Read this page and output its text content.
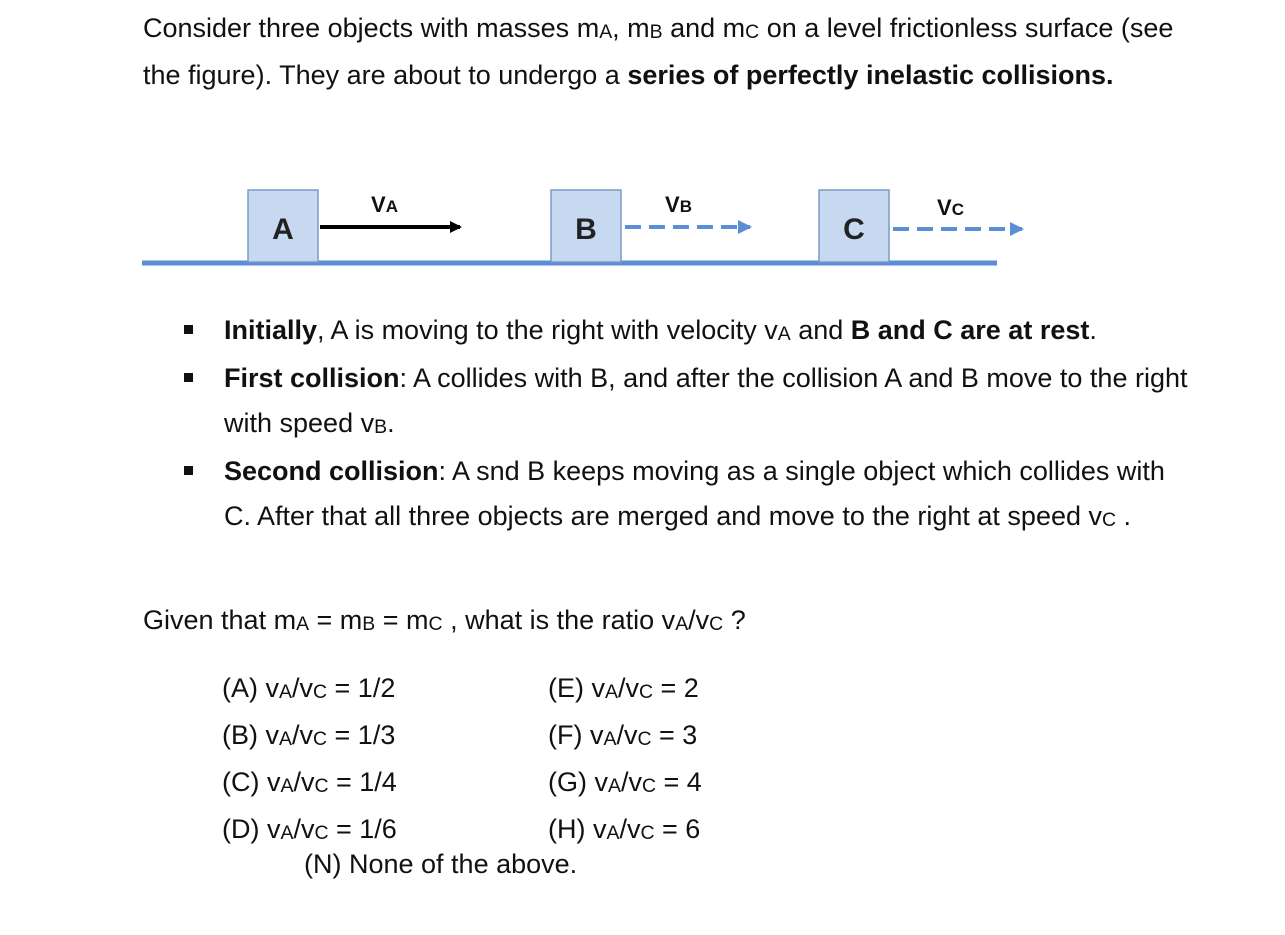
Consider three objects with masses $m_A$, $m_B$ and $m_C$ on a level frictionless surface (see the figure). They are about to undergo a series of perfectly inelastic collisions.

A
VA
B
VB
C
VC
Initially, A is moving to the right with velocity $v_A$ and B and C are at rest.
First collision: A collides with B, and after the collision A and B move to the right with speed $v_B$.
Second collision: A snd B keeps moving as a single object which collides with C. After that all three objects are merged and move to the right at speed $v_C$ .
Given that $m_A = m_B = m_C$ , what is the ratio $v_A/v_C$ ?
(A) $v_A/v_C = 1/2$
(B) $v_A/v_C = 1/3$
(C) $v_A/v_C = 1/4$
(D) $v_A/v_C = 1/6$
(E) $v_A/v_C = 2$
(F) $v_A/v_C = 3$
(G) $v_A/v_C = 4$
(H) $v_A/v_C = 6$
(N) None of the above.
